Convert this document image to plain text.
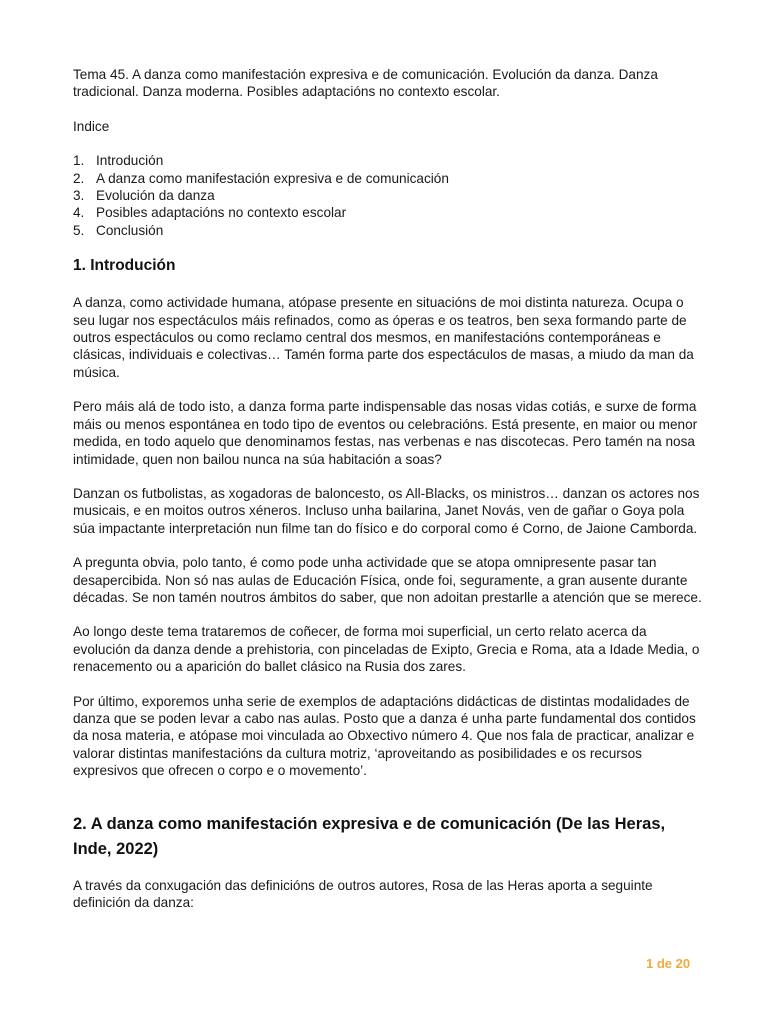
Tema 45. A danza como manifestación expresiva e de comunicación. Evolución da danza. Danza tradicional. Danza moderna. Posibles adaptacións no contexto escolar.

Indice

1. Introdución
2. A danza como manifestación expresiva e de comunicación
3. Evolución da danza
4. Posibles adaptacións no contexto escolar
5. Conclusión
1. Introdución

A danza, como actividade humana, atópase presente en situacións de moi distinta natureza. Ocupa o seu lugar nos espectáculos máis refinados, como as óperas e os teatros, ben sexa formando parte de outros espectáculos ou como reclamo central dos mesmos, en manifestacións contemporáneas e clásicas, individuais e colectivas… Tamén forma parte dos espectáculos de masas, a miudo da man da música.

Pero máis alá de todo isto, a danza forma parte indispensable das nosas vidas cotiás, e surxe de forma máis ou menos espontánea en todo tipo de eventos ou celebracións. Está presente, en maior ou menor medida, en todo aquelo que denominamos festas, nas verbenas e nas discotecas. Pero tamén na nosa intimidade, quen non bailou nunca na súa habitación a soas?

Danzan os futbolistas, as xogadoras de baloncesto, os All-Blacks, os ministros… danzan os actores nos musicais, e en moitos outros xéneros. Incluso unha bailarina, Janet Novás, ven de gañar o Goya pola súa impactante interpretación nun filme tan do físico e do corporal como é Corno, de Jaione Camborda.

A pregunta obvia, polo tanto, é como pode unha actividade que se atopa omnipresente pasar tan desapercibida. Non só nas aulas de Educación Física, onde foi, seguramente, a gran ausente durante décadas. Se non tamén noutros ámbitos do saber, que non adoitan prestarlle a atención que se merece.

Ao longo deste tema trataremos de coñecer, de forma moi superficial, un certo relato acerca da evolución da danza dende a prehistoria, con pinceladas de Exipto, Grecia e Roma, ata a Idade Media, o renacemento ou a aparición do ballet clásico na Rusia dos zares.

Por último, exporemos unha serie de exemplos de adaptacións didácticas de distintas modalidades de danza que se poden levar a cabo nas aulas. Posto que a danza é unha parte fundamental dos contidos da nosa materia, e atópase moi vinculada ao Obxectivo número 4. Que nos fala de practicar, analizar e valorar distintas manifestacións da cultura motriz, ‘aproveitando as posibilidades e os recursos expresivos que ofrecen o corpo e o movemento’.

2. A danza como manifestación expresiva e de comunicación (De las Heras, Inde, 2022)

A través da conxugación das definicións de outros autores, Rosa de las Heras aporta a seguinte definición da danza:

1 de 20
